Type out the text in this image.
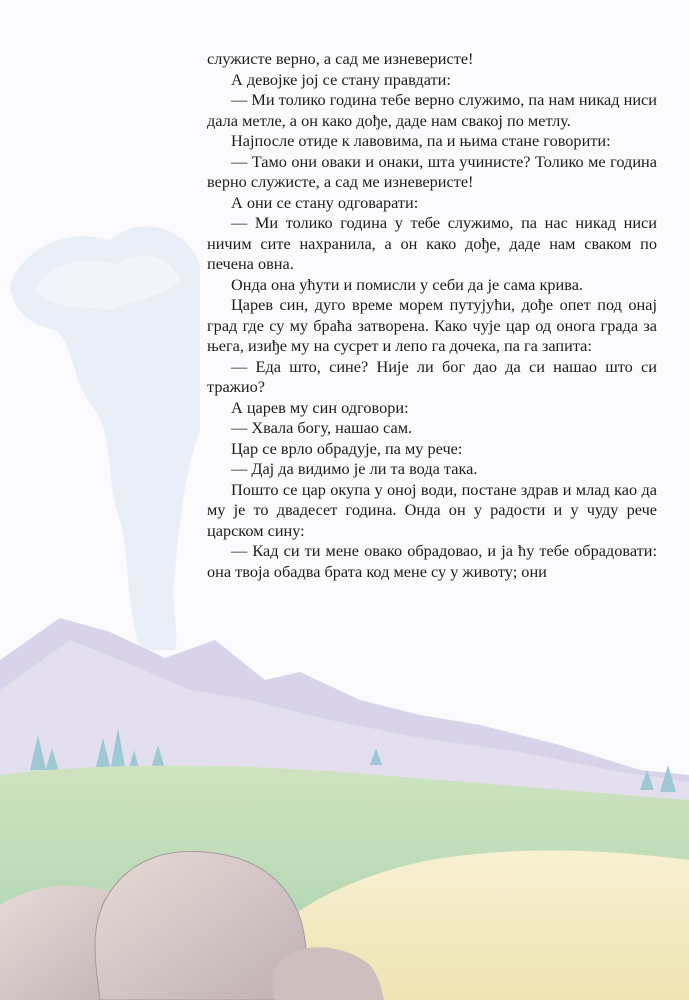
служисте верно, а сад ме изневеристе!

А девојке јој се стану правдати:

— Ми толико година тебе верно служимо, па нам никад ниси дала метле, а он како дође, даде нам свакој по метлу.

Најпосле отиде к лавовима, па и њима стане говорити:

— Тамо они оваки и онаки, шта учинисте? Толико ме година верно служисте, а сад ме изневеристе!

А они се стану одговарати:

— Ми толико година у тебе служимо, па нас никад ниси ничим сите нахранила, а он како дође, даде нам сваком по печена овна.

Онда она ућути и помисли у себи да је сама крива.

Царев син, дуго време морем путујући, дође опет под онај град где су му браћа затворена. Како чује цар од онога града за њега, изиђе му на сусрет и лепо га дочека, па га запита:

— Еда што, сине? Није ли бог дао да си нашао што си тражио?

А царев му син одговори:

— Хвала богу, нашао сам.

Цар се врло обрадује, па му рече:

— Дај да видимо је ли та вода така.

Пошто се цар окупа у оној води, постане здрав и млад као да му је то двадесет година. Онда он у радости и у чуду рече царском сину:

— Кад си ти мене овако обрадовао, и ја ћу тебе обрадовати: она твоја обадва брата код мене су у животу; они
